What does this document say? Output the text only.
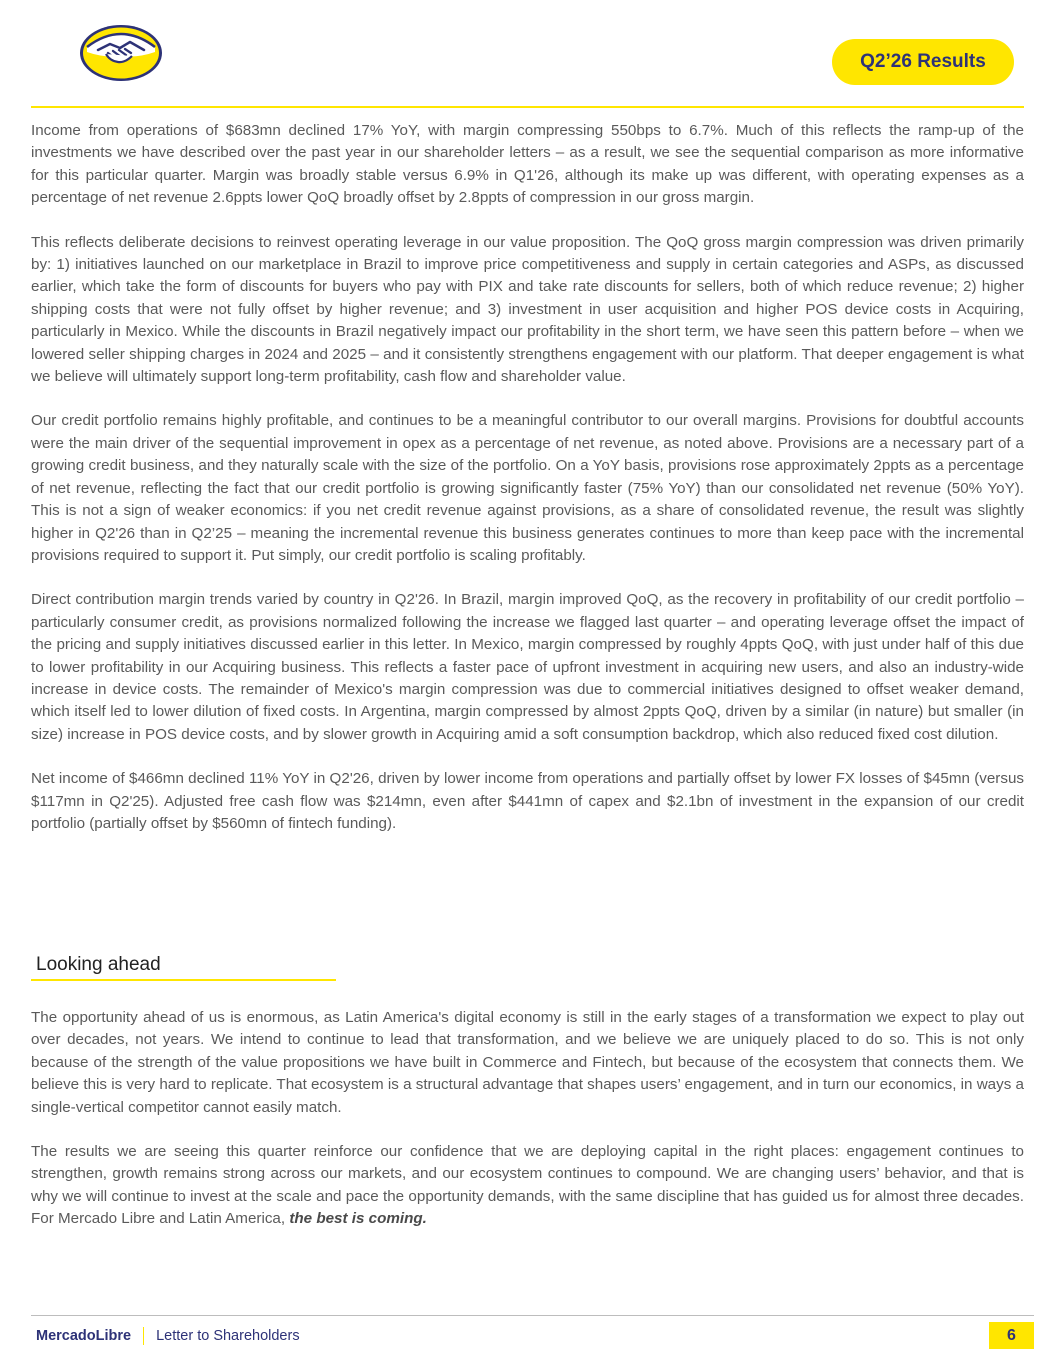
Q2’26 Results

Income from operations of $683mn declined 17% YoY, with margin compressing 550bps to 6.7%. Much of this reflects the ramp-up of the investments we have described over the past year in our shareholder letters – as a result, we see the sequential comparison as more informative for this particular quarter. Margin was broadly stable versus 6.9% in Q1'26, although its make up was different, with operating expenses as a percentage of net revenue 2.6ppts lower QoQ broadly offset by 2.8ppts of compression in our gross margin.

This reflects deliberate decisions to reinvest operating leverage in our value proposition. The QoQ gross margin compression was driven primarily by: 1) initiatives launched on our marketplace in Brazil to improve price competitiveness and supply in certain categories and ASPs, as discussed earlier, which take the form of discounts for buyers who pay with PIX and take rate discounts for sellers, both of which reduce revenue; 2) higher shipping costs that were not fully offset by higher revenue; and 3) investment in user acquisition and higher POS device costs in Acquiring, particularly in Mexico. While the discounts in Brazil negatively impact our profitability in the short term, we have seen this pattern before – when we lowered seller shipping charges in 2024 and 2025 – and it consistently strengthens engagement with our platform. That deeper engagement is what we believe will ultimately support long-term profitability, cash flow and shareholder value.

Our credit portfolio remains highly profitable, and continues to be a meaningful contributor to our overall margins. Provisions for doubtful accounts were the main driver of the sequential improvement in opex as a percentage of net revenue, as noted above. Provisions are a necessary part of a growing credit business, and they naturally scale with the size of the portfolio. On a YoY basis, provisions rose approximately 2ppts as a percentage of net revenue, reflecting the fact that our credit portfolio is growing significantly faster (75% YoY) than our consolidated net revenue (50% YoY). This is not a sign of weaker economics: if you net credit revenue against provisions, as a share of consolidated revenue, the result was slightly higher in Q2'26 than in Q2’25 – meaning the incremental revenue this business generates continues to more than keep pace with the incremental provisions required to support it. Put simply, our credit portfolio is scaling profitably.

Direct contribution margin trends varied by country in Q2'26. In Brazil, margin improved QoQ, as the recovery in profitability of our credit portfolio – particularly consumer credit, as provisions normalized following the increase we flagged last quarter – and operating leverage offset the impact of the pricing and supply initiatives discussed earlier in this letter. In Mexico, margin compressed by roughly 4ppts QoQ, with just under half of this due to lower profitability in our Acquiring business. This reflects a faster pace of upfront investment in acquiring new users, and also an industry-wide increase in device costs. The remainder of Mexico's margin compression was due to commercial initiatives designed to offset weaker demand, which itself led to lower dilution of fixed costs. In Argentina, margin compressed by almost 2ppts QoQ, driven by a similar (in nature) but smaller (in size) increase in POS device costs, and by slower growth in Acquiring amid a soft consumption backdrop, which also reduced fixed cost dilution.

Net income of $466mn declined 11% YoY in Q2'26, driven by lower income from operations and partially offset by lower FX losses of $45mn (versus $117mn in Q2'25). Adjusted free cash flow was $214mn, even after $441mn of capex and $2.1bn of investment in the expansion of our credit portfolio (partially offset by $560mn of fintech funding).

Looking ahead

The opportunity ahead of us is enormous, as Latin America's digital economy is still in the early stages of a transformation we expect to play out over decades, not years. We intend to continue to lead that transformation, and we believe we are uniquely placed to do so. This is not only because of the strength of the value propositions we have built in Commerce and Fintech, but because of the ecosystem that connects them. We believe this is very hard to replicate. That ecosystem is a structural advantage that shapes users’ engagement, and in turn our economics, in ways a single-vertical competitor cannot easily match.

The results we are seeing this quarter reinforce our confidence that we are deploying capital in the right places: engagement continues to strengthen, growth remains strong across our markets, and our ecosystem continues to compound. We are changing users’ behavior, and that is why we will continue to invest at the scale and pace the opportunity demands, with the same discipline that has guided us for almost three decades. For Mercado Libre and Latin America, the best is coming.

MercadoLibre Letter to Shareholders	6
